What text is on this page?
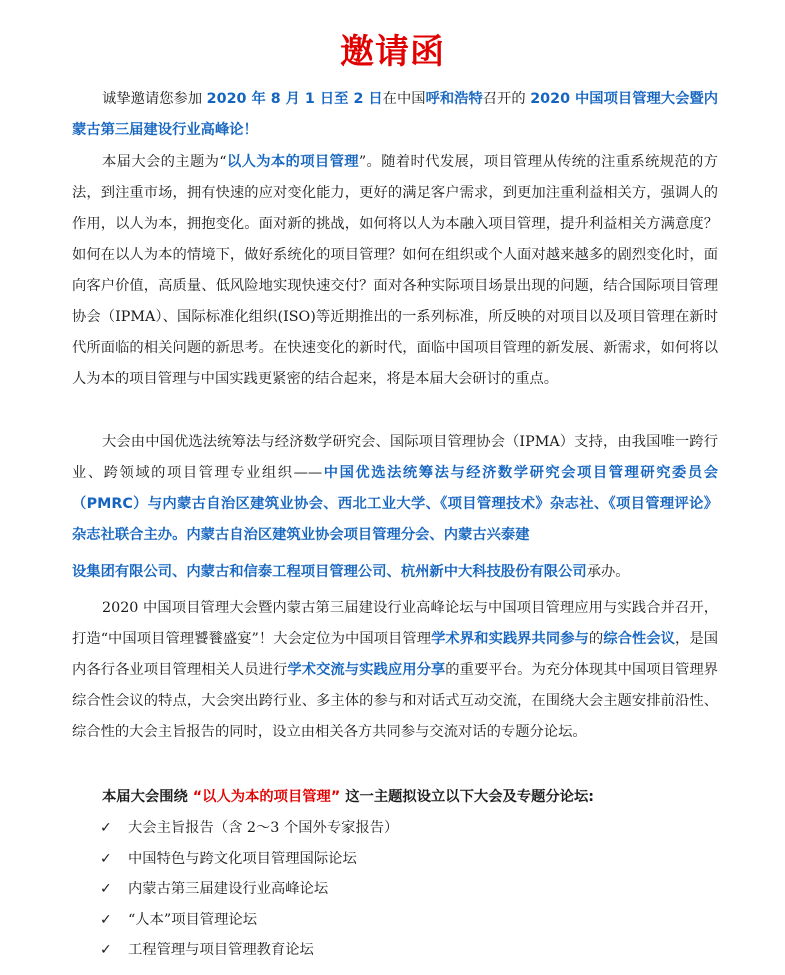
邀请函

诚挚邀请您参加 2020 年 8 月 1 日至 2 日在中国呼和浩特召开的 2020 中国项目管理大会暨内蒙古第三届建设行业高峰论！

本届大会的主题为“以人为本的项目管理”。随着时代发展，项目管理从传统的注重系统规范的方法，到注重市场，拥有快速的应对变化能力，更好的满足客户需求，到更加注重利益相关方，强调人的作用，以人为本，拥抱变化。面对新的挑战，如何将以人为本融入项目管理，提升利益相关方满意度？如何在以人为本的情境下，做好系统化的项目管理？如何在组织或个人面对越来越多的剧烈变化时，面向客户价值，高质量、低风险地实现快速交付？面对各种实际项目场景出现的问题，结合国际项目管理协会（IPMA）、国际标准化组织(ISO)等近期推出的一系列标准，所反映的对项目以及项目管理在新时代所面临的相关问题的新思考。在快速变化的新时代，面临中国项目管理的新发展、新需求，如何将以人为本的项目管理与中国实践更紧密的结合起来，将是本届大会研讨的重点。

大会由中国优选法统筹法与经济数学研究会、国际项目管理协会（IPMA）支持，由我国唯一跨行业、跨领域的项目管理专业组织——中国优选法统筹法与经济数学研究会项目管理研究委员会（PMRC）与内蒙古自治区建筑业协会、西北工业大学、《项目管理技术》杂志社、《项目管理评论》杂志社联合主办。内蒙古自治区建筑业协会项目管理分会、内蒙古兴泰建

设集团有限公司、内蒙古和信泰工程项目管理公司、杭州新中大科技股份有限公司承办。

2020 中国项目管理大会暨内蒙古第三届建设行业高峰论坛与中国项目管理应用与实践合并召开，打造“中国项目管理饕餮盛宴”！大会定位为中国项目管理学术界和实践界共同参与的综合性会议，是国内各行各业项目管理相关人员进行学术交流与实践应用分享的重要平台。为充分体现其中国项目管理界综合性会议的特点，大会突出跨行业、多主体的参与和对话式互动交流，在围绕大会主题安排前沿性、综合性的大会主旨报告的同时，设立由相关各方共同参与交流对话的专题分论坛。

本届大会围绕 “以人为本的项目管理” 这一主题拟设立以下大会及专题分论坛:

✓ 大会主旨报告（含 2～3 个国外专家报告）
✓ 中国特色与跨文化项目管理国际论坛
✓ 内蒙古第三届建设行业高峰论坛
✓ “人本”项目管理论坛
✓ 工程管理与项目管理教育论坛
